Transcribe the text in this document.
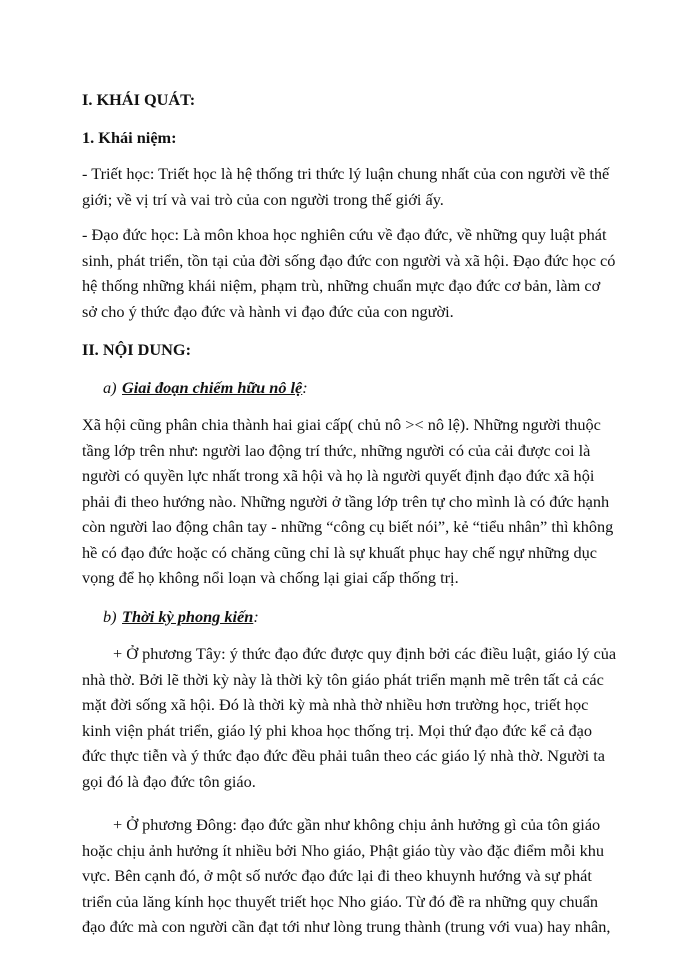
I. KHÁI QUÁT:
1. Khái niệm:

- Triết học: Triết học là hệ thống tri thức lý luận chung nhất của con người về thế giới; về vị trí và vai trò của con người trong thế giới ấy.

- Đạo đức học: Là môn khoa học nghiên cứu về đạo đức, về những quy luật phát sinh, phát triển, tồn tại của đời sống đạo đức con người và xã hội. Đạo đức học có hệ thống những khái niệm, phạm trù, những chuẩn mực đạo đức cơ bản, làm cơ sở cho ý thức đạo đức và hành vi đạo đức của con người.

II. NỘI DUNG:
a) Giai đoạn chiếm hữu nô lệ:

Xã hội cũng phân chia thành hai giai cấp( chủ nô >< nô lệ). Những người thuộc tầng lớp trên như: người lao động trí thức, những người có của cải được coi là người có quyền lực nhất trong xã hội và họ là người quyết định đạo đức xã hội phải đi theo hướng nào. Những người ở tầng lớp trên tự cho mình là có đức hạnh còn người lao động chân tay - những “công cụ biết nói”, kẻ “tiểu nhân” thì không hề có đạo đức hoặc có chăng cũng chỉ là sự khuất phục hay chế ngự những dục vọng để họ không nổi loạn và chống lại giai cấp thống trị.

b) Thời kỳ phong kiến:

+ Ở phương Tây: ý thức đạo đức được quy định bởi các điều luật, giáo lý của nhà thờ. Bởi lẽ thời kỳ này là thời kỳ tôn giáo phát triển mạnh mẽ trên tất cả các mặt đời sống xã hội. Đó là thời kỳ mà nhà thờ nhiều hơn trường học, triết học kinh viện phát triển, giáo lý phi khoa học thống trị. Mọi thứ đạo đức kể cả đạo đức thực tiễn và ý thức đạo đức đều phải tuân theo các giáo lý nhà thờ. Người ta gọi đó là đạo đức tôn giáo.

+ Ở phương Đông: đạo đức gần như không chịu ảnh hưởng gì của tôn giáo hoặc chịu ảnh hưởng ít nhiều bởi Nho giáo, Phật giáo tùy vào đặc điểm mỗi khu vực. Bên cạnh đó, ở một số nước đạo đức lại đi theo khuynh hướng và sự phát triển của lăng kính học thuyết triết học Nho giáo. Từ đó đề ra những quy chuẩn đạo đức mà con người cần đạt tới như lòng trung thành (trung với vua) hay nhân,
